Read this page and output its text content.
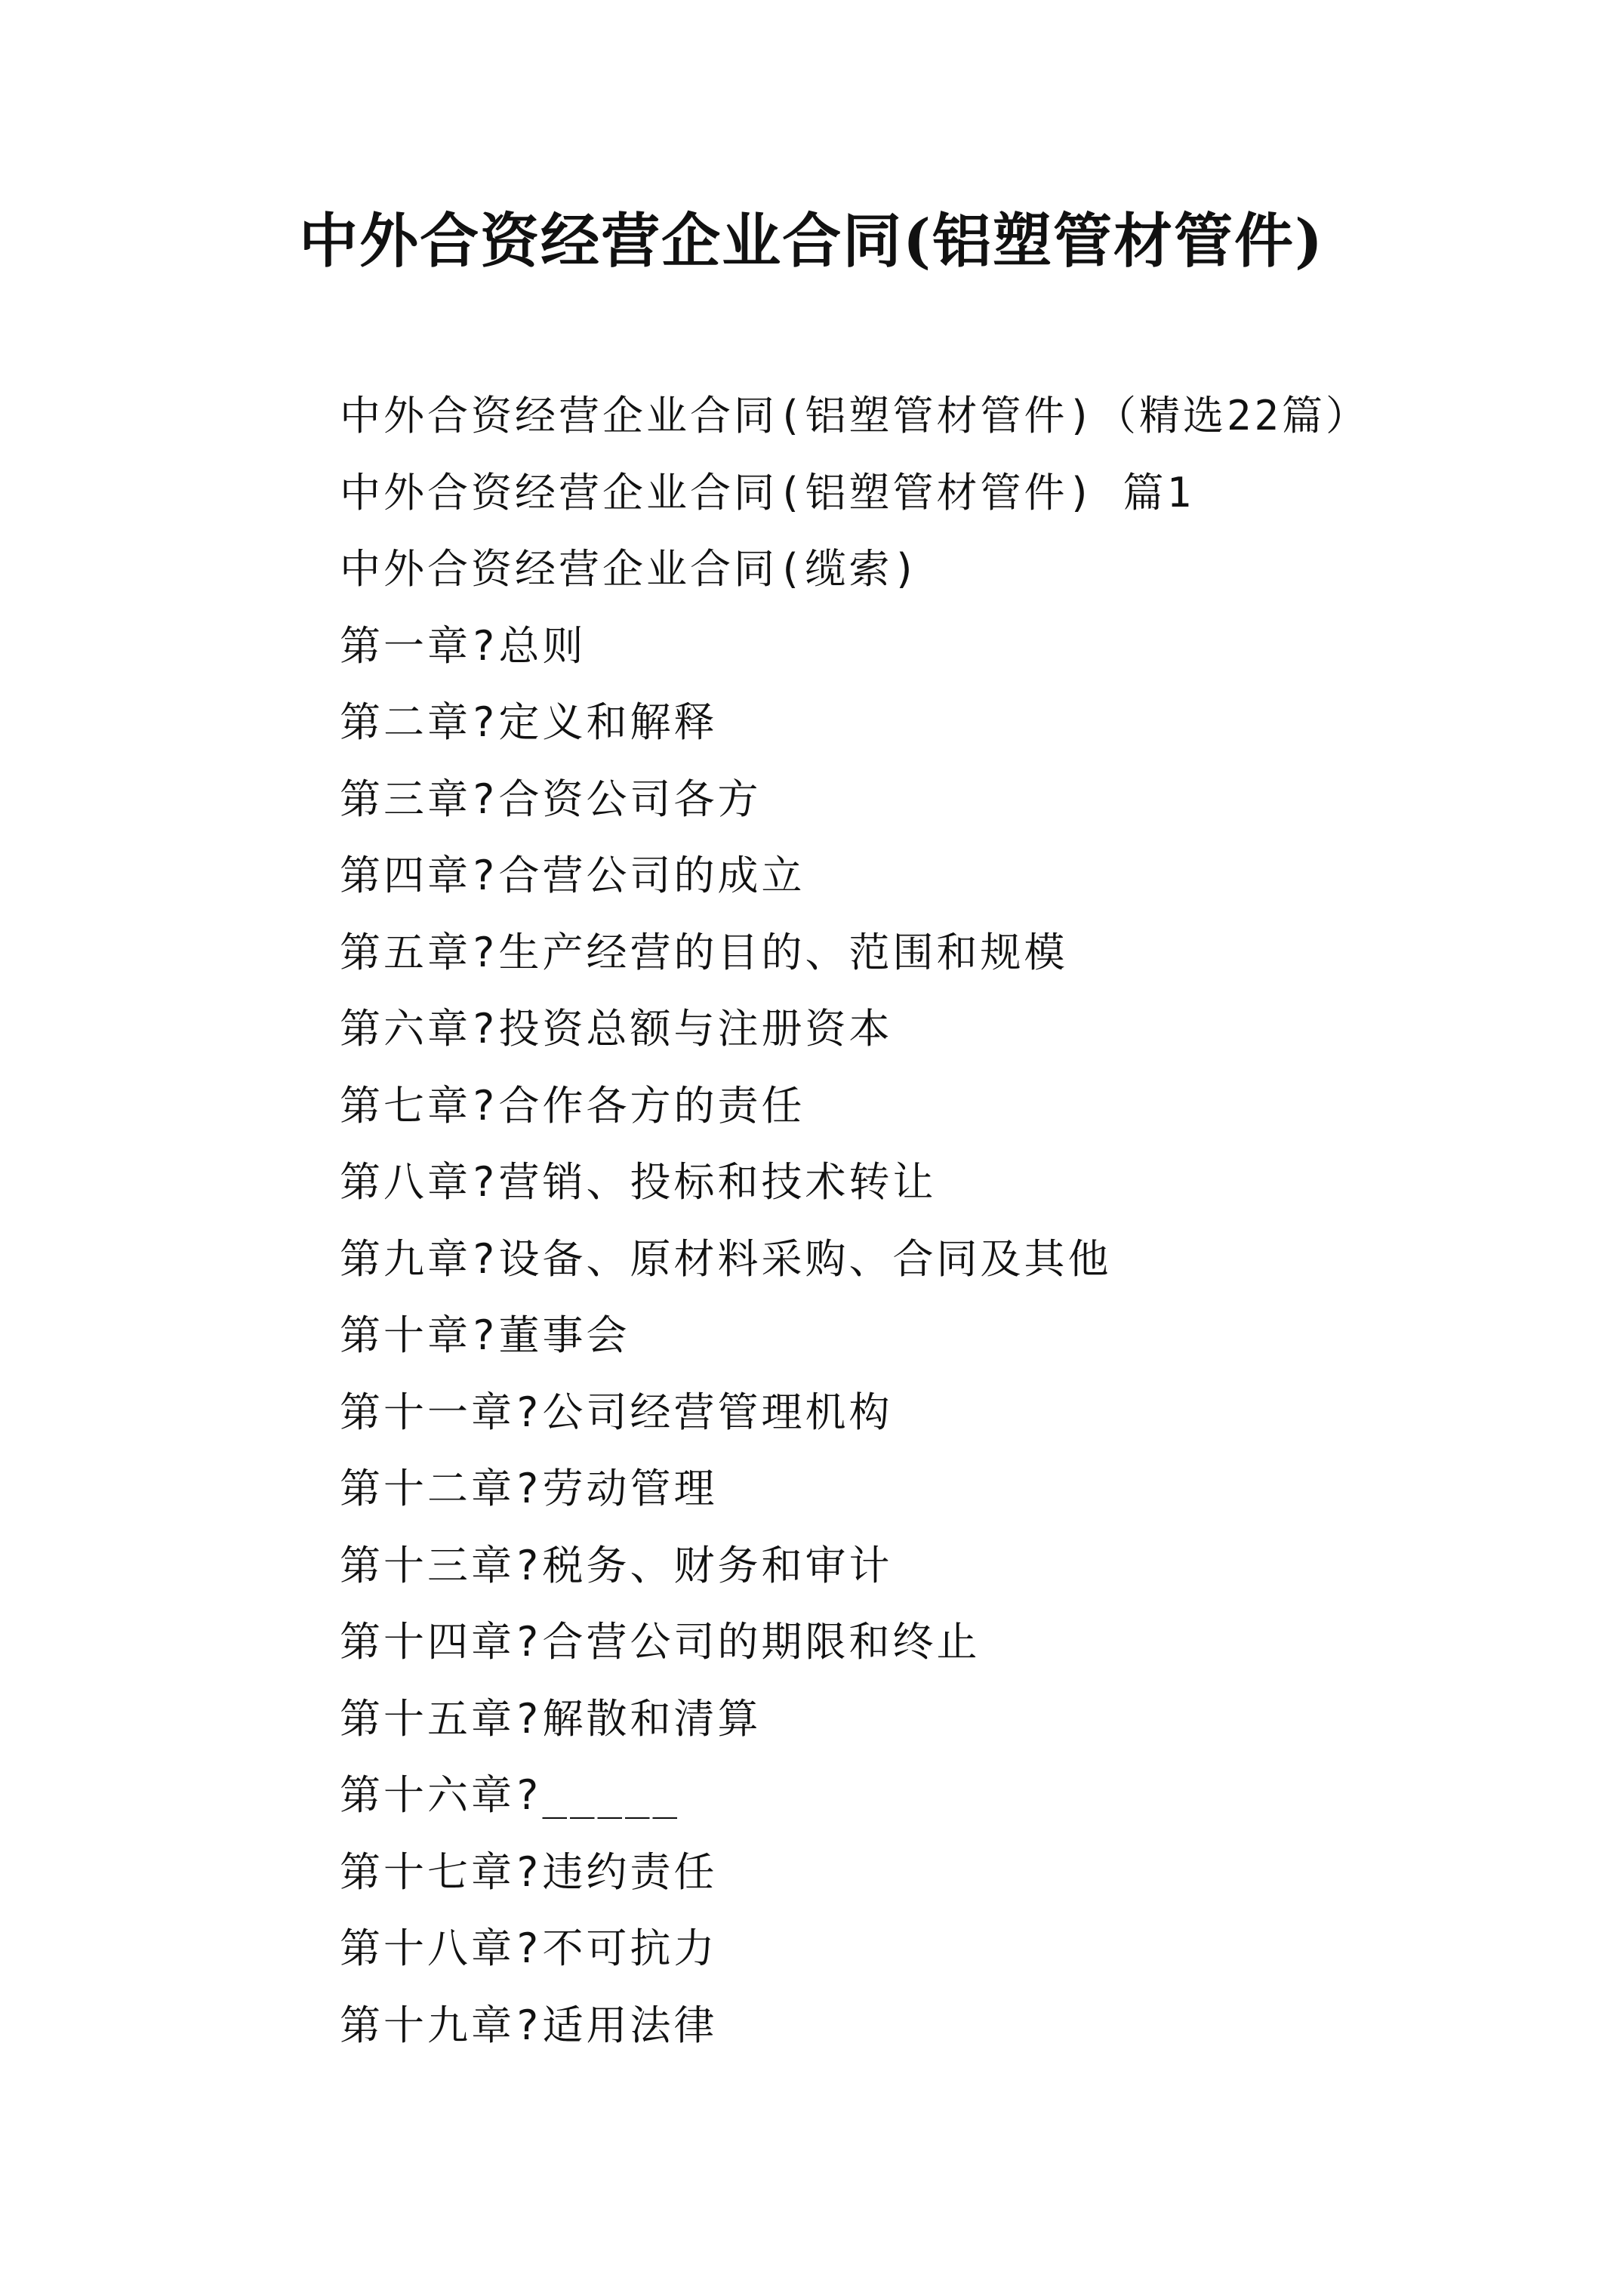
中外合资经营企业合同(铝塑管材管件)
中外合资经营企业合同(铝塑管材管件)（精选22篇）
中外合资经营企业合同(铝塑管材管件) 篇1
中外合资经营企业合同(缆索)
第一章?总则
第二章?定义和解释
第三章?合资公司各方
第四章?合营公司的成立
第五章?生产经营的目的、范围和规模
第六章?投资总额与注册资本
第七章?合作各方的责任
第八章?营销、投标和技术转让
第九章?设备、原材料采购、合同及其他
第十章?董事会
第十一章?公司经营管理机构
第十二章?劳动管理
第十三章?税务、财务和审计
第十四章?合营公司的期限和终止
第十五章?解散和清算
第十六章?_____
第十七章?违约责任
第十八章?不可抗力
第十九章?适用法律
